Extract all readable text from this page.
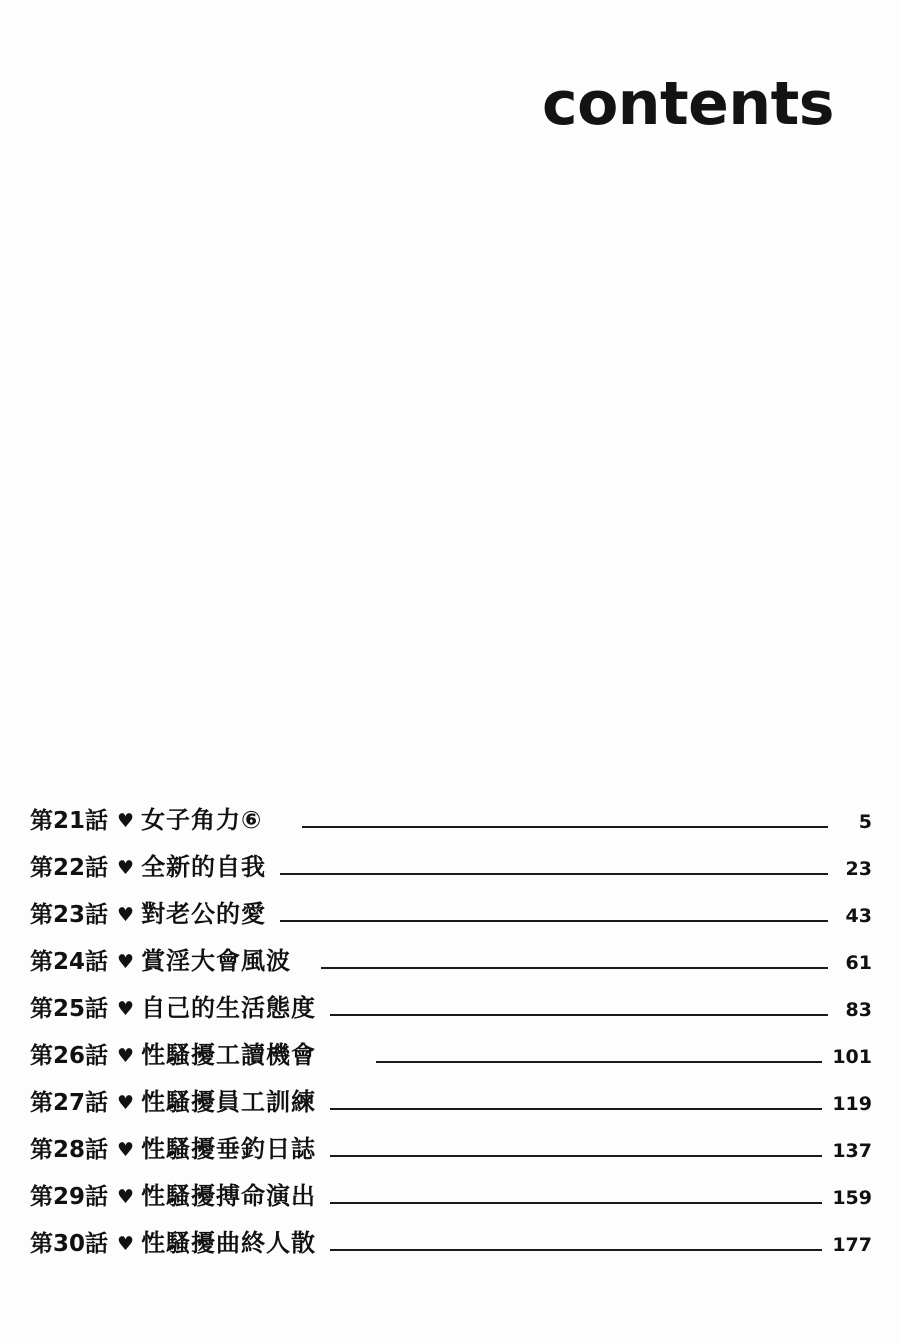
contents
第21話 ♥ 女子角力⑥	5
第22話 ♥ 全新的自我	23
第23話 ♥ 對老公的愛	43
第24話 ♥ 賞淫大會風波	61
第25話 ♥ 自己的生活態度	83
第26話 ♥ 性騷擾工讀機會	101
第27話 ♥ 性騷擾員工訓練	119
第28話 ♥ 性騷擾垂釣日誌	137
第29話 ♥ 性騷擾搏命演出	159
第30話 ♥ 性騷擾曲終人散	177
